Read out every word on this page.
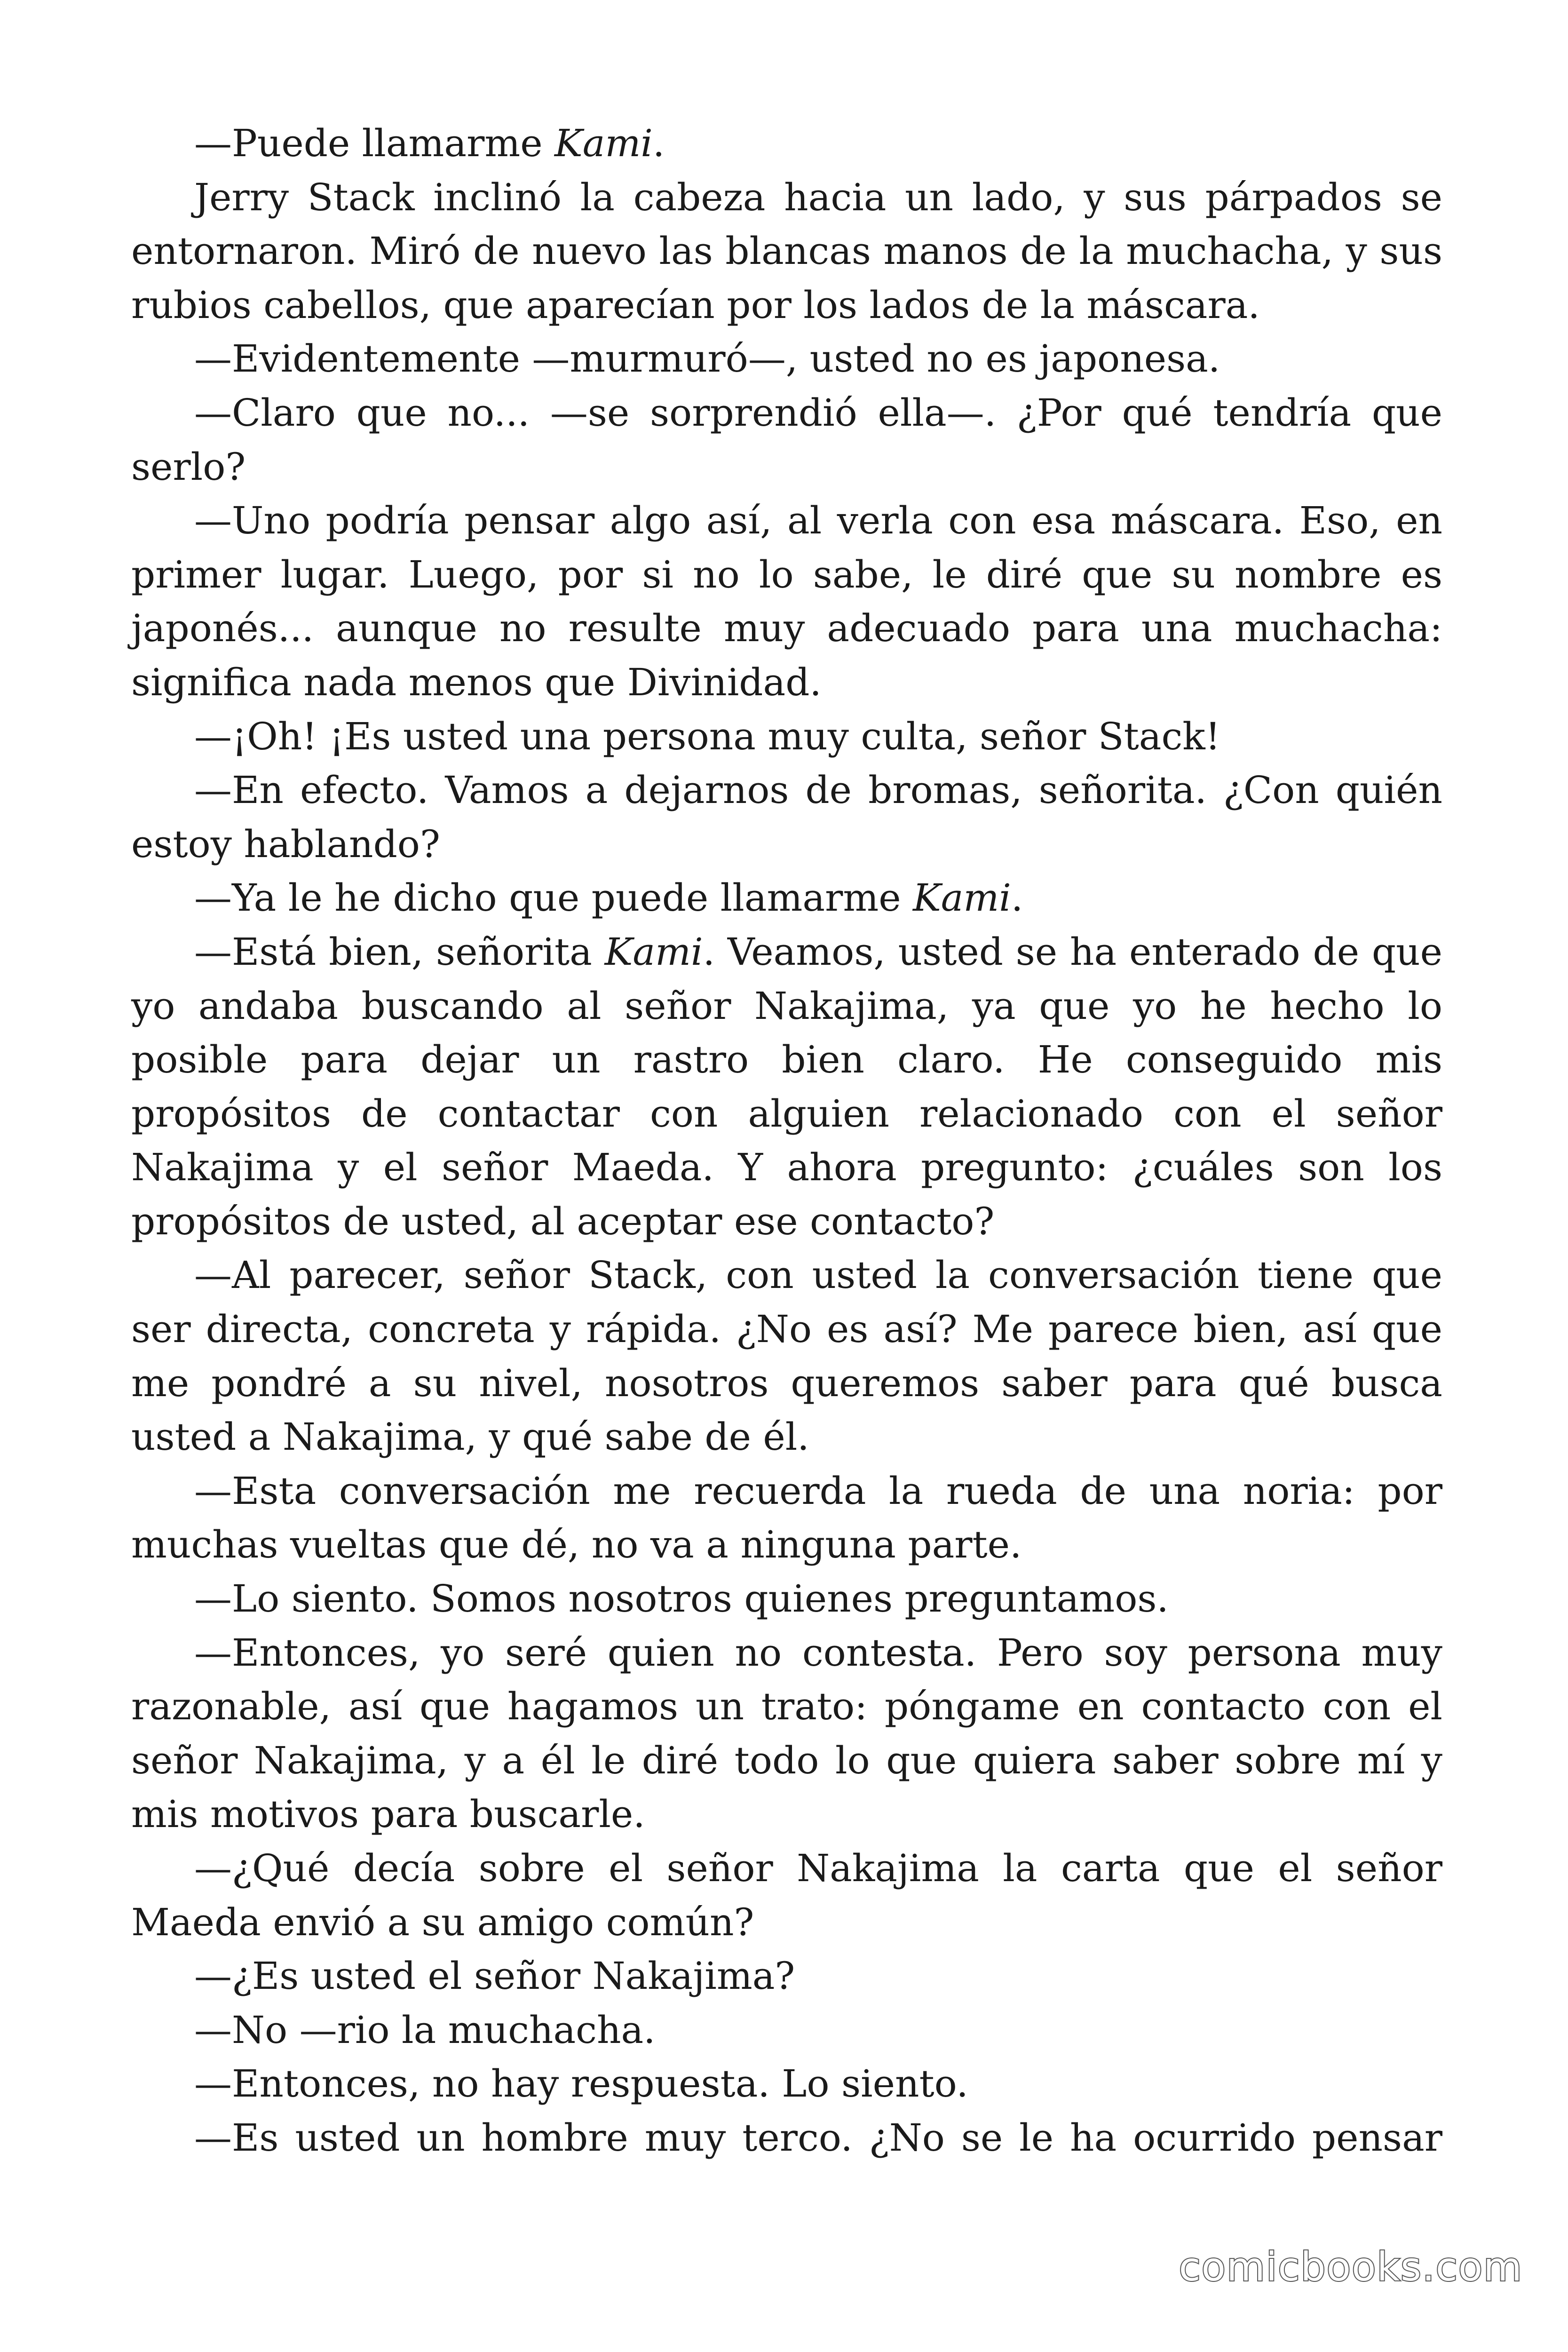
—Puede llamarme Kami.

Jerry Stack inclinó la cabeza hacia un lado, y sus párpados se entornaron. Miró de nuevo las blancas manos de la muchacha, y sus rubios cabellos, que aparecían por los lados de la máscara.

—Evidentemente —murmuró—, usted no es japonesa.

—Claro que no... —se sorprendió ella—. ¿Por qué tendría que serlo?

—Uno podría pensar algo así, al verla con esa máscara. Eso, en primer lugar. Luego, por si no lo sabe, le diré que su nombre es japonés... aunque no resulte muy adecuado para una muchacha: significa nada menos que Divinidad.

—¡Oh! ¡Es usted una persona muy culta, señor Stack!

—En efecto. Vamos a dejarnos de bromas, señorita. ¿Con quién estoy hablando?

—Ya le he dicho que puede llamarme Kami.

—Está bien, señorita Kami. Veamos, usted se ha enterado de que yo andaba buscando al señor Nakajima, ya que yo he hecho lo posible para dejar un rastro bien claro. He conseguido mis propósitos de contactar con alguien relacionado con el señor Nakajima y el señor Maeda. Y ahora pregunto: ¿cuáles son los propósitos de usted, al aceptar ese contacto?

—Al parecer, señor Stack, con usted la conversación tiene que ser directa, concreta y rápida. ¿No es así? Me parece bien, así que me pondré a su nivel, nosotros queremos saber para qué busca usted a Nakajima, y qué sabe de él.

—Esta conversación me recuerda la rueda de una noria: por muchas vueltas que dé, no va a ninguna parte.

—Lo siento. Somos nosotros quienes preguntamos.

—Entonces, yo seré quien no contesta. Pero soy persona muy razonable, así que hagamos un trato: póngame en contacto con el señor Nakajima, y a él le diré todo lo que quiera saber sobre mí y mis motivos para buscarle.

—¿Qué decía sobre el señor Nakajima la carta que el señor Maeda envió a su amigo común?

—¿Es usted el señor Nakajima?

—No —rio la muchacha.

—Entonces, no hay respuesta. Lo siento.

—Es usted un hombre muy terco. ¿No se le ha ocurrido pensar

comicbooks.com
